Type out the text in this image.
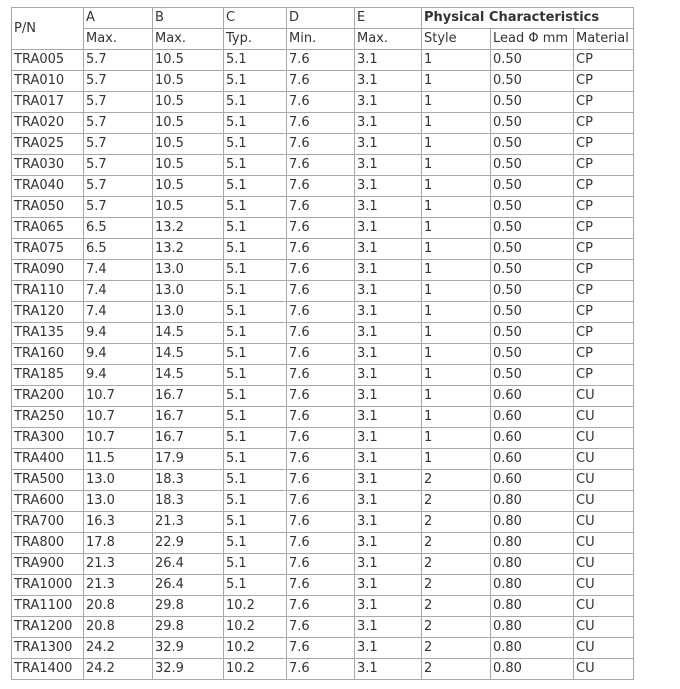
P/N	A	B	C	D	E	Physical Characteristics		
	Max.	Max.	Typ.	Min.	Max.	Style	Lead Φ mm	Material
TRA005	5.7	10.5	5.1	7.6	3.1	1	0.50	CP
TRA010	5.7	10.5	5.1	7.6	3.1	1	0.50	CP
TRA017	5.7	10.5	5.1	7.6	3.1	1	0.50	CP
TRA020	5.7	10.5	5.1	7.6	3.1	1	0.50	CP
TRA025	5.7	10.5	5.1	7.6	3.1	1	0.50	CP
TRA030	5.7	10.5	5.1	7.6	3.1	1	0.50	CP
TRA040	5.7	10.5	5.1	7.6	3.1	1	0.50	CP
TRA050	5.7	10.5	5.1	7.6	3.1	1	0.50	CP
TRA065	6.5	13.2	5.1	7.6	3.1	1	0.50	CP
TRA075	6.5	13.2	5.1	7.6	3.1	1	0.50	CP
TRA090	7.4	13.0	5.1	7.6	3.1	1	0.50	CP
TRA110	7.4	13.0	5.1	7.6	3.1	1	0.50	CP
TRA120	7.4	13.0	5.1	7.6	3.1	1	0.50	CP
TRA135	9.4	14.5	5.1	7.6	3.1	1	0.50	CP
TRA160	9.4	14.5	5.1	7.6	3.1	1	0.50	CP
TRA185	9.4	14.5	5.1	7.6	3.1	1	0.50	CP
TRA200	10.7	16.7	5.1	7.6	3.1	1	0.60	CU
TRA250	10.7	16.7	5.1	7.6	3.1	1	0.60	CU
TRA300	10.7	16.7	5.1	7.6	3.1	1	0.60	CU
TRA400	11.5	17.9	5.1	7.6	3.1	1	0.60	CU
TRA500	13.0	18.3	5.1	7.6	3.1	2	0.60	CU
TRA600	13.0	18.3	5.1	7.6	3.1	2	0.80	CU
TRA700	16.3	21.3	5.1	7.6	3.1	2	0.80	CU
TRA800	17.8	22.9	5.1	7.6	3.1	2	0.80	CU
TRA900	21.3	26.4	5.1	7.6	3.1	2	0.80	CU
TRA1000	21.3	26.4	5.1	7.6	3.1	2	0.80	CU
TRA1100	20.8	29.8	10.2	7.6	3.1	2	0.80	CU
TRA1200	20.8	29.8	10.2	7.6	3.1	2	0.80	CU
TRA1300	24.2	32.9	10.2	7.6	3.1	2	0.80	CU
TRA1400	24.2	32.9	10.2	7.6	3.1	2	0.80	CU
